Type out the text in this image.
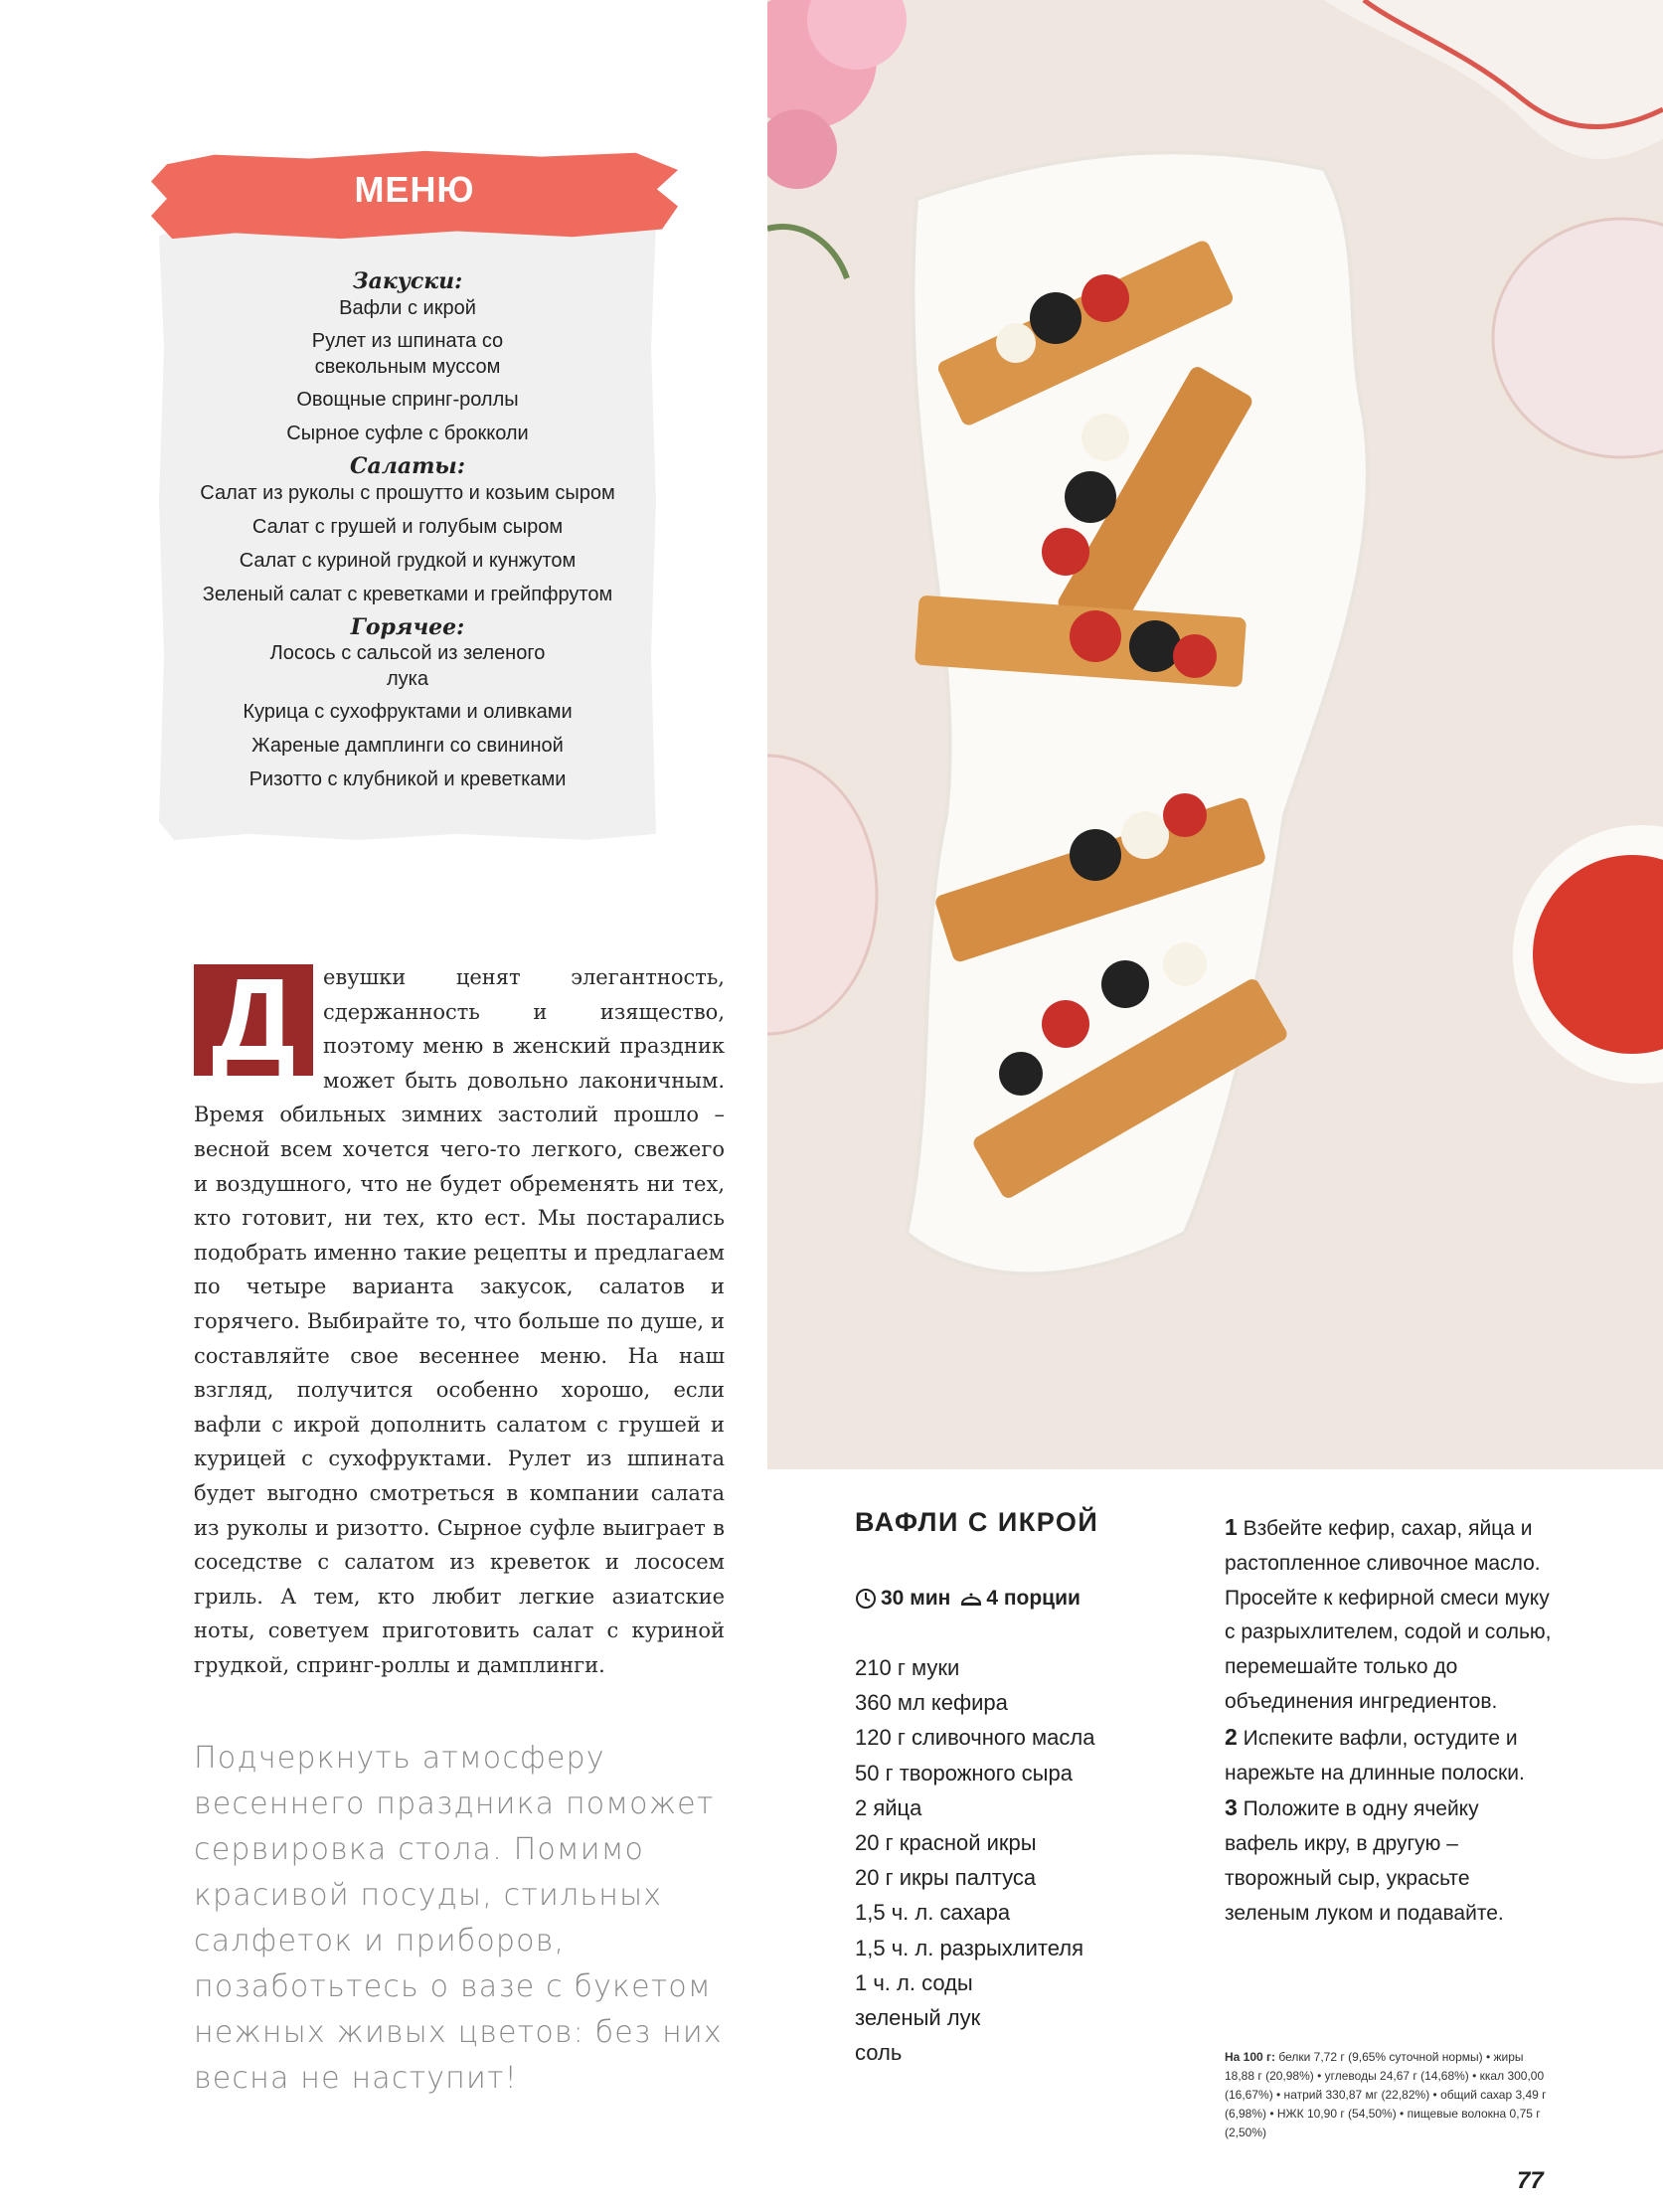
МЕНЮ
Закуски:
Вафли с икрой
Рулет из шпината со свекольным муссом
Овощные спринг-роллы
Сырное суфле с брокколи
Салаты:
Салат из руколы с прошутто и козьим сыром
Салат с грушей и голубым сыром
Салат с куриной грудкой и кунжутом
Зеленый салат с креветками и грейпфрутом
Горячее:
Лосось с сальсой из зеленого лука
Курица с сухофруктами и оливками
Жареные дамплинги со свининой
Ризотто с клубникой и креветками
Д	евушки ценят элегантность, сдержанность и изящество, поэтому меню в женский праздник может быть довольно лаконичным. Время обильных зимних застолий прошло – весной всем хочется чего-то легкого, свежего и воздушного, что не будет обременять ни тех, кто готовит, ни тех, кто ест. Мы постарались подобрать именно такие рецепты и предлагаем по четыре варианта закусок, салатов и горячего. Выбирайте то, что больше по душе, и составляйте свое весеннее меню. На наш взгляд, получится особенно хорошо, если вафли с икрой дополнить салатом с грушей и курицей с сухофруктами. Рулет из шпината будет выгодно смотреться в компании салата из руколы и ризотто. Сырное суфле выиграет в соседстве с салатом из креветок и лососем гриль. А тем, кто любит легкие азиатские ноты, советуем приготовить салат с куриной грудкой, спринг-роллы и дамплинги.
Подчеркнуть атмосферу весеннего праздника поможет сервировка стола. Помимо красивой посуды, стильных салфеток и приборов, позаботьтесь о вазе с букетом нежных живых цветов: без них весна не наступит!
ВАФЛИ С ИКРОЙ
30 мин 4 порции
210 г муки
360 мл кефира
120 г сливочного масла
50 г творожного сыра
2 яйца
20 г красной икры
20 г икры палтуса
1,5 ч. л. сахара
1,5 ч. л. разрыхлителя
1 ч. л. соды
зеленый лук
соль
1 Взбейте кефир, сахар, яйца и растопленное сливочное масло. Просейте к кефирной смеси муку с разрыхлителем, содой и солью, перемешайте только до объединения ингредиентов.
2 Испеките вафли, остудите и нарежьте на длинные полоски.
3 Положите в одну ячейку вафель икру, в другую – творожный сыр, украсьте зеленым луком и подавайте.
На 100 г: белки 7,72 г (9,65% суточной нормы) • жиры 18,88 г (20,98%) • углеводы 24,67 г (14,68%) • ккал 300,00 (16,67%) • натрий 330,87 мг (22,82%) • общий сахар 3,49 г (6,98%) • НЖК 10,90 г (54,50%) • пищевые волокна 0,75 г (2,50%)
77
